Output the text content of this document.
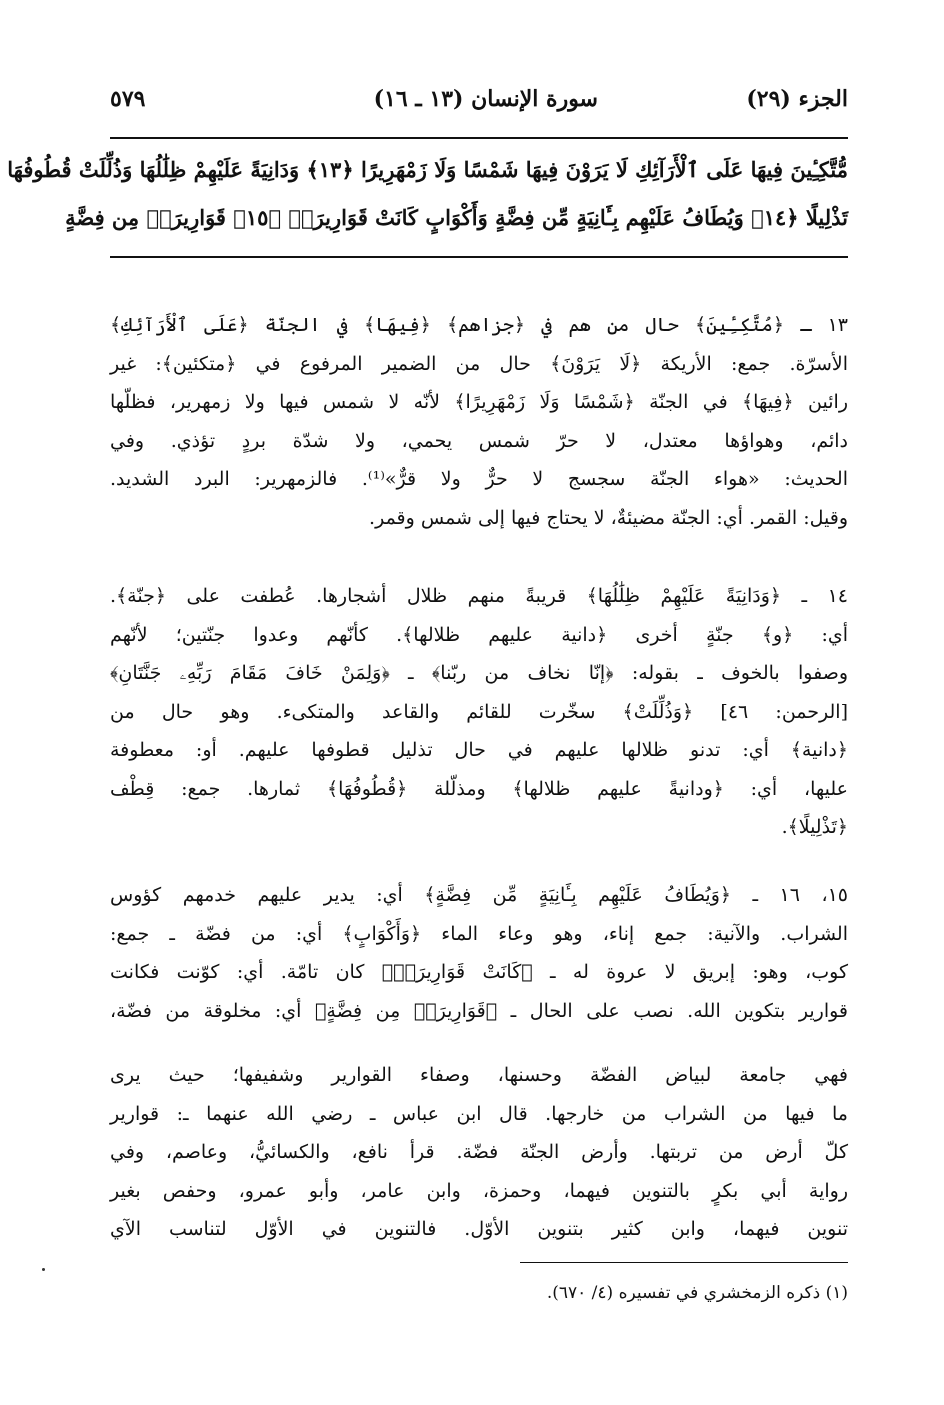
الجزء (٢٩)
سورة الإنسان (١٣ ـ ١٦)
٥٧٩
مُّتَّكِـِٔينَ فِيهَا عَلَى ٱلْأَرَآئِكِ لَا يَرَوْنَ فِيهَا شَمْسًا وَلَا زَمْهَرِيرًا ﴿١٣﴾ وَدَانِيَةً عَلَيْهِمْ ظِلَٰلُهَا وَذُلِّلَتْ قُطُوفُهَا
تَذْلِيلًا ﴿١٤﴾ وَيُطَافُ عَلَيْهِم بِـَٔانِيَةٍ مِّن فِضَّةٍ وَأَكْوَابٍ كَانَتْ قَوَارِيرَا۠ ﴿١٥﴾ قَوَارِيرَا۟ مِن فِضَّةٍ
١٣ ـ ﴿مُتَّكِـِٔينَ﴾ حال من هم في ﴿جزاهم﴾ ﴿فِيهَا﴾ في الجنّة ﴿عَلَى ٱلْأَرَآئِكِ﴾
الأسرّة. جمع: الأريكة ﴿لَا يَرَوْنَ﴾ حال من الضمير المرفوع في ﴿متكئين﴾: غير
رائين ﴿فِيهَا﴾ في الجنّة ﴿شَمْسًا وَلَا زَمْهَرِيرًا﴾ لأنّه لا شمس فيها ولا زمهرير، فظلّها
دائم، وهواؤها معتدل، لا حرّ شمس يحمي، ولا شدّة بردٍ تؤذي. وفي
الحديث: «هواء الجنّة سجسج لا حرٌّ ولا قرٌّ»⁽¹⁾. فالزمهرير: البرد الشديد.
وقيل: القمر. أي: الجنّة مضيئةٌ، لا يحتاج فيها إلى شمس وقمر.
١٤ ـ ﴿وَدَانِيَةً عَلَيْهِمْ ظِلَٰلُهَا﴾ قريبةً منهم ظلال أشجارها. عُطفت على ﴿جنّة﴾.
أي: ﴿و﴾ جنّةٍ أخرى ﴿دانية عليهم ظلالها﴾. كأنّهم وعدوا جنّتين؛ لأنّهم
وصفوا بالخوف ـ بقوله: ﴿إنّا نخاف من ربّنا﴾ ـ ﴿وَلِمَنْ خَافَ مَقَامَ رَبِّهِۦ جَنَّتَانِ﴾
[الرحمن: ٤٦] ﴿وَذُلِّلَتْ﴾ سخّرت للقائم والقاعد والمتكىء. وهو حال من
﴿دانية﴾ أي: تدنو ظلالها عليهم في حال تذليل قطوفها عليهم. أو: معطوفة
عليها، أي: ﴿ودانيةً عليهم ظلالها﴾ ومذلّلة ﴿قُطُوفُهَا﴾ ثمارها. جمع: قِطْف
﴿تَذْلِيلًا﴾.
١٥، ١٦ ـ ﴿وَيُطَافُ عَلَيْهِم بِـَٔانِيَةٍ مِّن فِضَّةٍ﴾ أي: يدير عليهم خدمهم كؤوس
الشراب. والآنية: جمع إناء، وهو وعاء الماء ﴿وَأَكْوَابٍ﴾ أي: من فضّة ـ جمع:
كوب، وهو: إبريق لا عروة له ـ ﴿كَانَتْ قَوَارِيرَا۠﴾ كان تامّة. أي: كوّنت فكانت
قوارير بتكوين الله. نصب على الحال ـ ﴿قَوَارِيرَا۟ مِن فِضَّةٍ﴾ أي: مخلوقة من فضّة،
فهي جامعة لبياض الفضّة وحسنها، وصفاء القوارير وشفيفها؛ حيث يرى
ما فيها من الشراب من خارجها. قال ابن عباس ـ رضي الله عنهما ـ: قوارير
كلّ أرض من تربتها. وأرض الجنّة فضّة. قرأ نافع، والكسائيُّ، وعاصم، وفي
رواية أبي بكرٍ بالتنوين فيهما، وحمزة، وابن عامر، وأبو عمرو، وحفص بغير
تنوين فيهما، وابن كثير بتنوين الأوّل. فالتنوين في الأوّل لتناسب الآي
(١) ذكره الزمخشري في تفسيره (٤/ ٦٧٠).
